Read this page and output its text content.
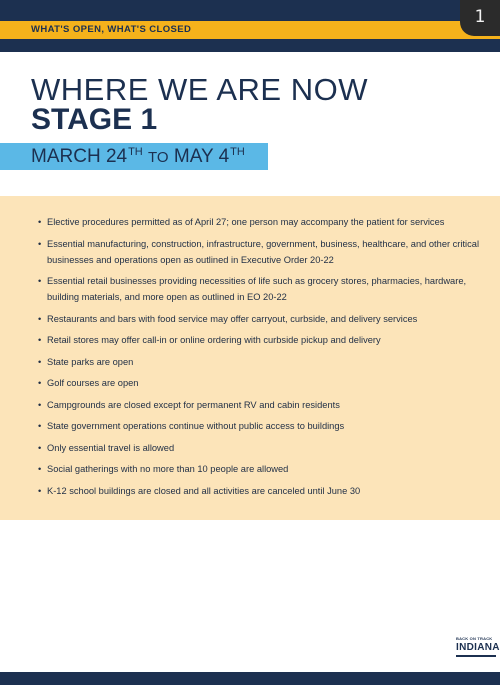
WHAT'S OPEN, WHAT'S CLOSED
1
WHERE WE ARE NOW
STAGE 1
MARCH 24TH TO MAY 4TH
• Elective procedures permitted as of April 27; one person may accompany the patient for services
• Essential manufacturing, construction, infrastructure, government, business, healthcare, and other critical businesses and operations open as outlined in Executive Order 20-22
• Essential retail businesses providing necessities of life such as grocery stores, pharmacies, hardware, building materials, and more open as outlined in EO 20-22
• Restaurants and bars with food service may offer carryout, curbside, and delivery services
• Retail stores may offer call-in or online ordering with curbside pickup and delivery
• State parks are open
• Golf courses are open
• Campgrounds are closed except for permanent RV and cabin residents
• State government operations continue without public access to buildings
• Only essential travel is allowed
• Social gatherings with no more than 10 people are allowed
• K-12 school buildings are closed and all activities are canceled until June 30
BACK ON TRACK
INDIANA
